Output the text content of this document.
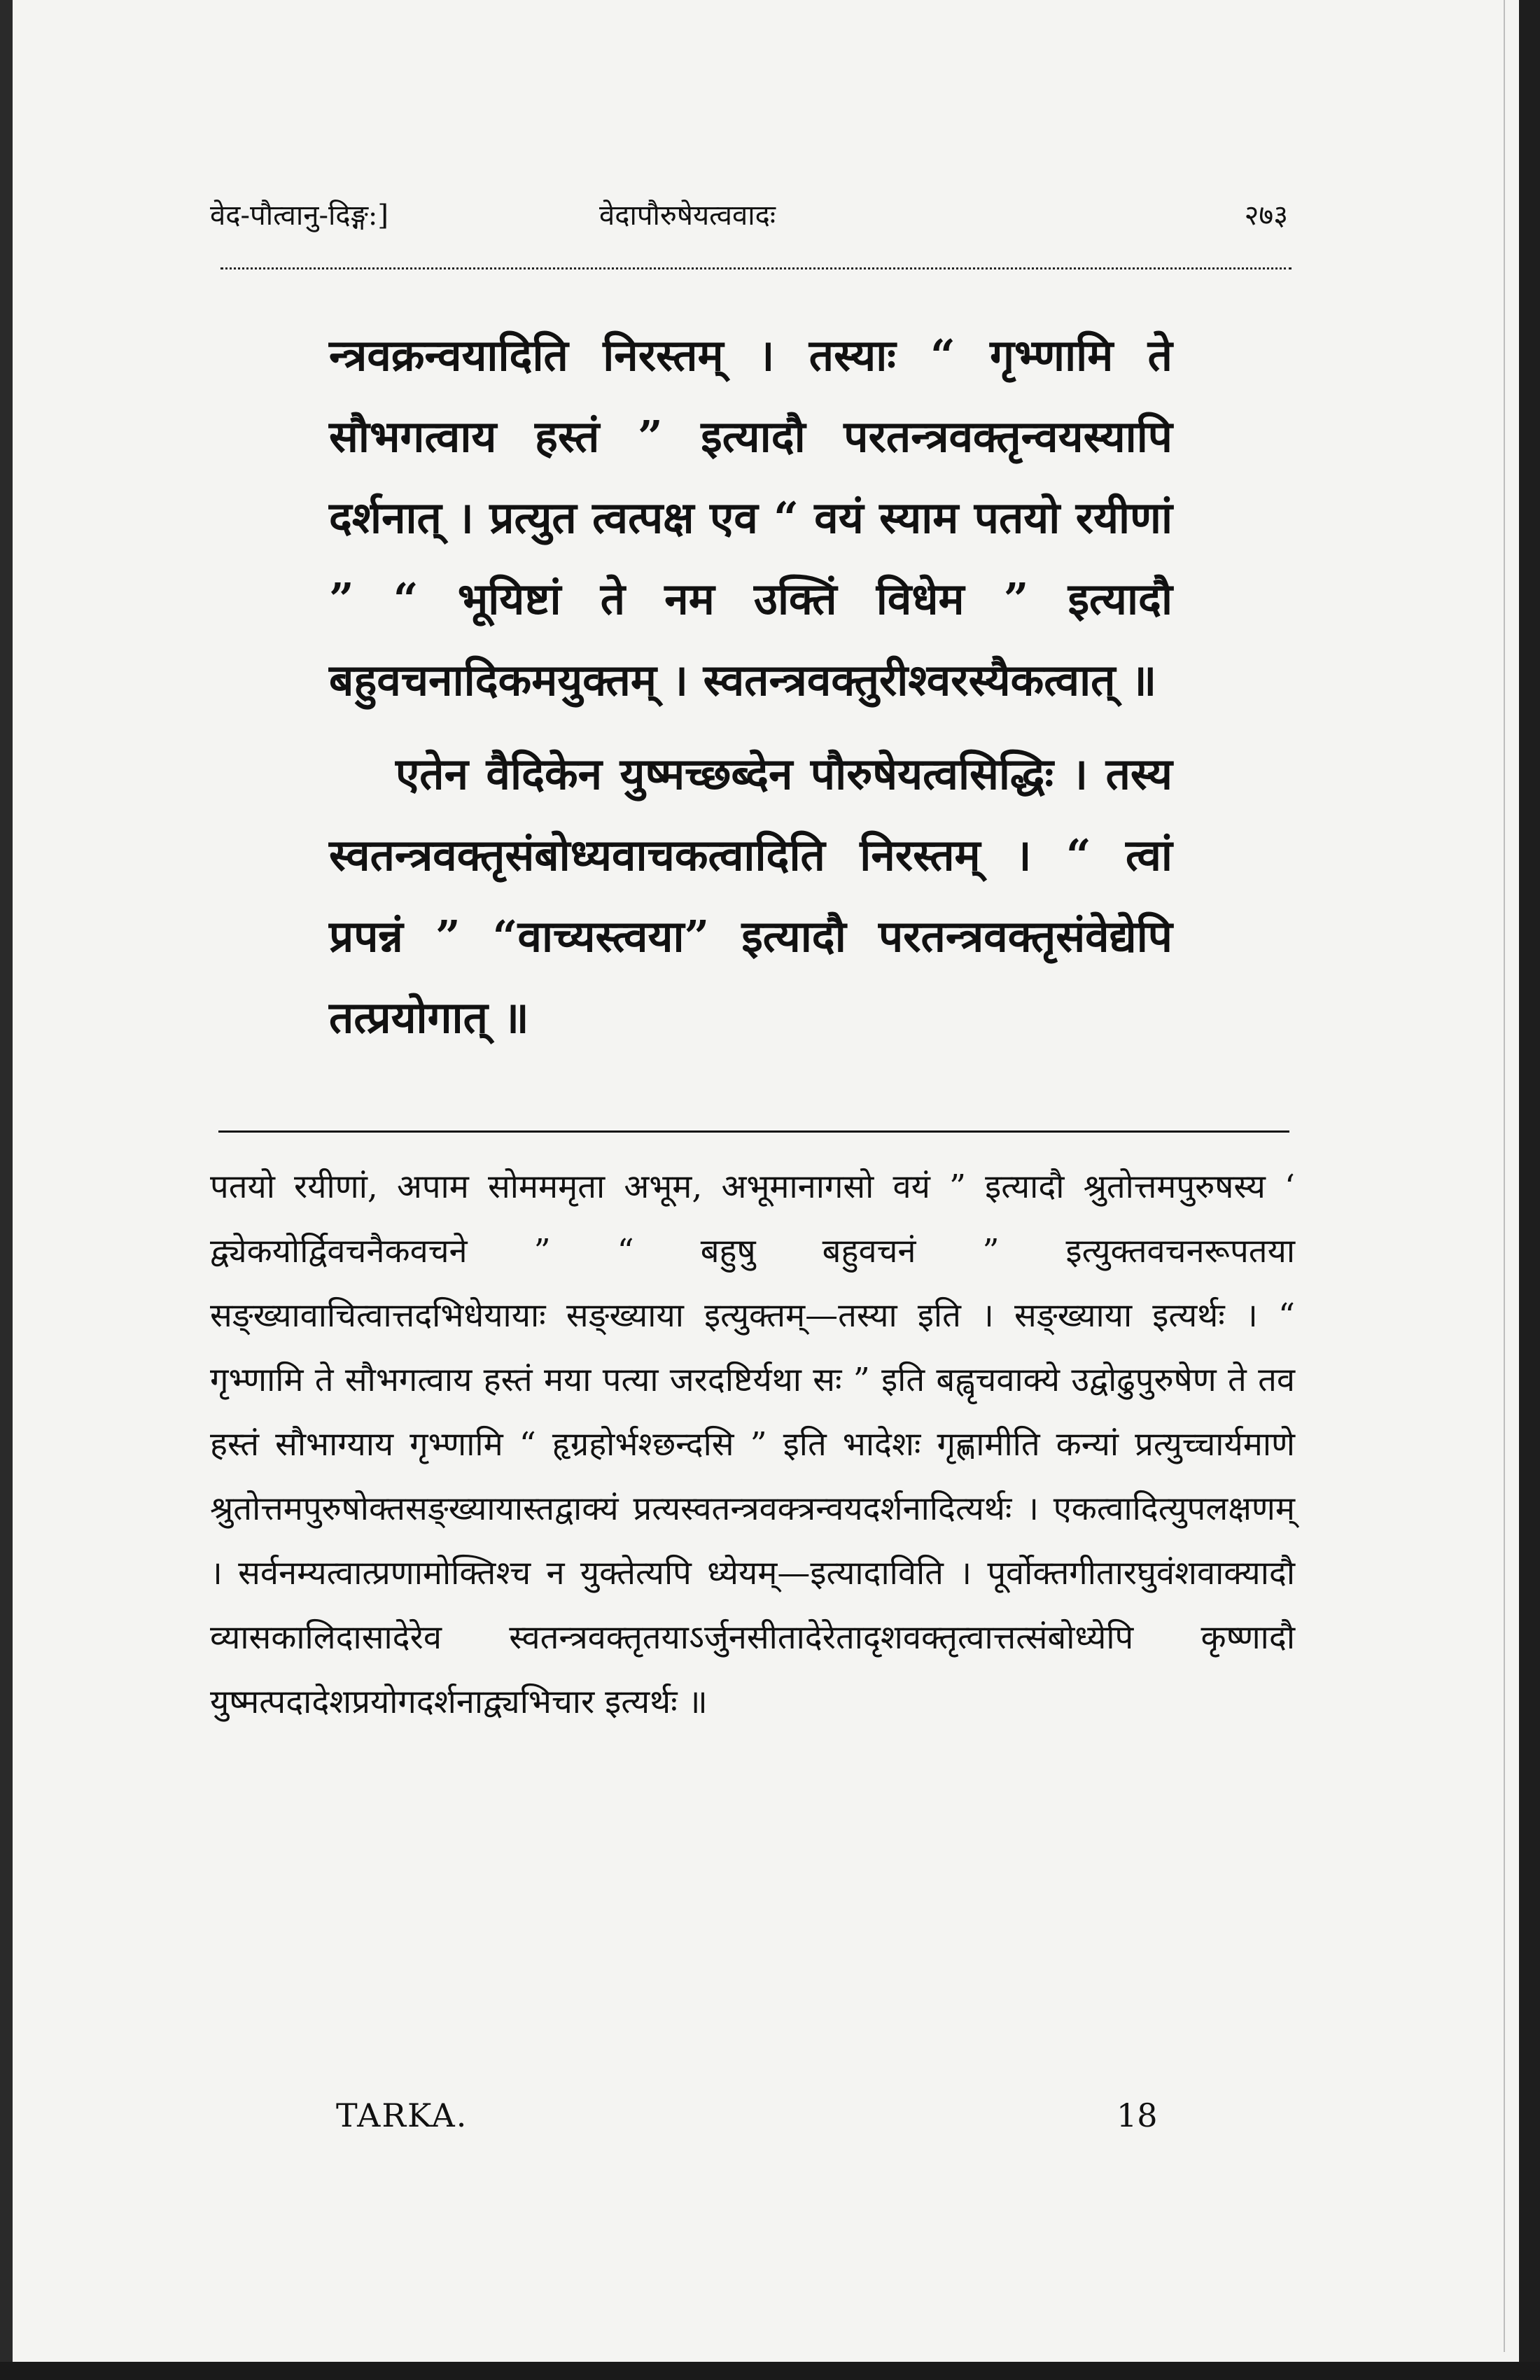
वेद-पौत्वानु-दिङ्ग:]	वेदापौरुषेयत्ववादः	२७३

न्त्रवक्रन्वयादिति निरस्तम् । तस्याः “ गृभ्णामि ते सौभगत्वाय हस्तं ” इत्यादौ परतन्त्रवक्तृन्वयस्यापि दर्शनात् । प्रत्युत त्वत्पक्ष एव “ वयं स्याम पतयो रयीणां ” “ भूयिष्टां ते नम उक्तिं विधेम ” इत्यादौ बहुवचनादिकमयुक्तम् । स्वतन्त्रवक्तुरीश्वरस्यैकत्वात् ॥

एतेन वैदिकेन युष्मच्छब्देन पौरुषेयत्वसिद्धिः । तस्य स्वतन्त्रवक्तृसंबोध्यवाचकत्वादिति निरस्तम् । “ त्वां प्रपन्नं ” “वाच्यस्त्वया” इत्यादौ परतन्त्रवक्तृसंवेद्येपि तत्प्रयोगात् ॥

पतयो रयीणां, अपाम सोमममृता अभूम, अभूमानागसो वयं ” इत्यादौ श्रुतोत्तमपुरुषस्य ‘ द्व्येकयोर्द्विवचनैकवचने ” “ बहुषु बहुवचनं ” इत्युक्तवचनरूपतया सङ्ख्यावाचित्वात्तदभिधेयायाः सङ्ख्याया इत्युक्तम्—तस्या इति । सङ्ख्याया इत्यर्थः । “ गृभ्णामि ते सौभगत्वाय हस्तं मया पत्या जरदष्टिर्यथा सः ” इति बह्वृचवाक्ये उद्वोढुपुरुषेण ते तव हस्तं सौभाग्याय गृभ्णामि “ हृग्रहोर्भश्छन्दसि ” इति भादेशः गृह्णामीति कन्यां प्रत्युच्चार्यमाणे श्रुतोत्तमपुरुषोक्तसङ्ख्यायास्तद्वाक्यं प्रत्यस्वतन्त्रवक्त्रन्वयदर्शनादित्यर्थः । एकत्वादित्युपलक्षणम् । सर्वनम्यत्वात्प्रणामोक्तिश्च न युक्तेत्यपि ध्येयम्—इत्यादाविति । पूर्वोक्तगीतारघुवंशवाक्यादौ व्यासकालिदासादेरेव स्वतन्त्रवक्तृतयाऽर्जुनसीतादेरेतादृशवक्तृत्वात्तत्संबोध्येपि कृष्णादौ युष्मत्पदादेशप्रयोगदर्शनाद्व्यभिचार इत्यर्थः ॥

TARKA.	18
